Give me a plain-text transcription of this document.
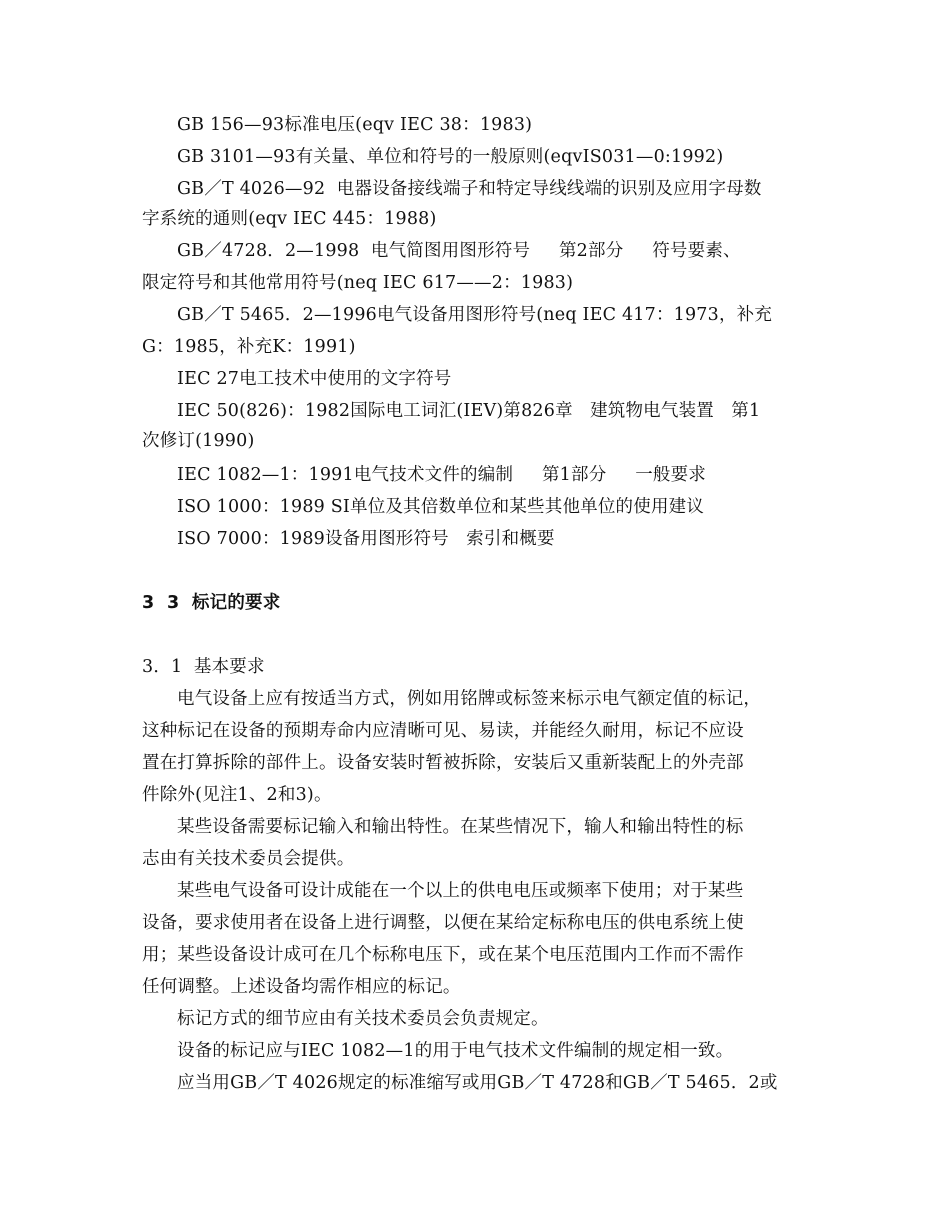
GB 156—93标准电压(eqv IEC 38：1983)
GB 3101—93有关量、单位和符号的一般原则(eqvIS031—0:1992)
GB／T 4026—92  电器设备接线端子和特定导线线端的识别及应用字母数
字系统的通则(eqv IEC 445：1988)
GB／4728．2—1998  电气简图用图形符号     第2部分     符号要素、
限定符号和其他常用符号(neq IEC 617——2：1983)
GB／T 5465．2—1996电气设备用图形符号(neq IEC 417：1973，补充
G：1985，补充K：1991)
IEC 27电工技术中使用的文字符号
IEC 50(826)：1982国际电工词汇(IEV)第826章   建筑物电气装置   第1
次修订(1990)
IEC 1082—1：1991电气技术文件的编制     第1部分     一般要求
ISO 1000：1989 SI单位及其倍数单位和某些其他单位的使用建议
ISO 7000：1989设备用图形符号   索引和概要
3  3  标记的要求
3．1  基本要求
电气设备上应有按适当方式，例如用铭牌或标签来标示电气额定值的标记，
这种标记在设备的预期寿命内应清晰可见、易读，并能经久耐用，标记不应设
置在打算拆除的部件上。设备安装时暂被拆除，安装后又重新装配上的外壳部
件除外(见注1、2和3)。
某些设备需要标记输入和输出特性。在某些情况下，输人和输出特性的标
志由有关技术委员会提供。
某些电气设备可设计成能在一个以上的供电电压或频率下使用；对于某些
设备，要求使用者在设备上进行调整，以便在某给定标称电压的供电系统上使
用；某些设备设计成可在几个标称电压下，或在某个电压范围内工作而不需作
任何调整。上述设备均需作相应的标记。
标记方式的细节应由有关技术委员会负责规定。
设备的标记应与IEC 1082—1的用于电气技术文件编制的规定相一致。
应当用GB／T 4026规定的标准缩写或用GB／T 4728和GB／T 5465．2或
